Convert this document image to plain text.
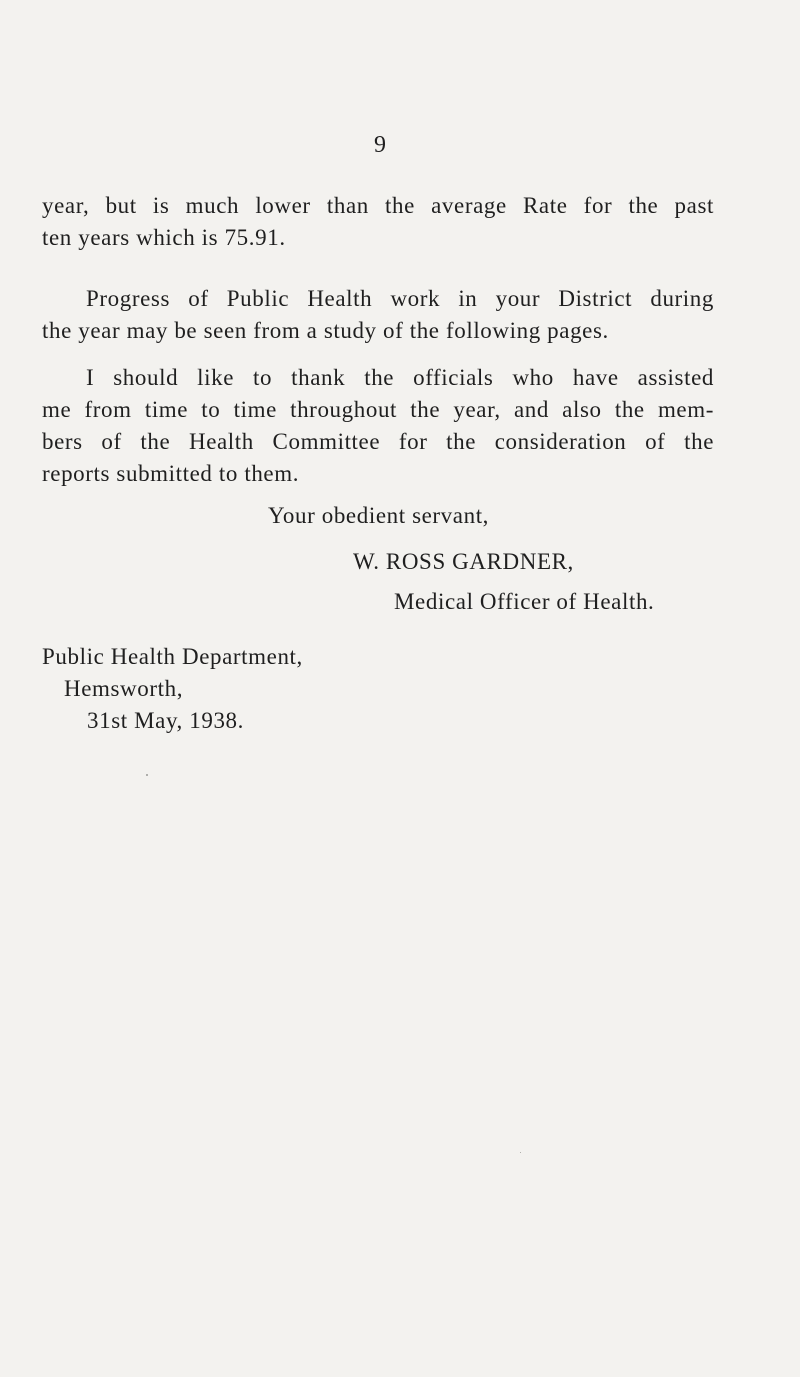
9
year, but is much lower than the average Rate for the past
ten years which is 75.91.
Progress of Public Health work in your District during
the year may be seen from a study of the following pages.
I should like to thank the officials who have assisted
me from time to time throughout the year, and also the mem-
bers of the Health Committee for the consideration of the
reports submitted to them.

Your obedient servant,

W. ROSS GARDNER,

Medical Officer of Health.

Public Health Department,

Hemsworth,

31st May, 1938.
